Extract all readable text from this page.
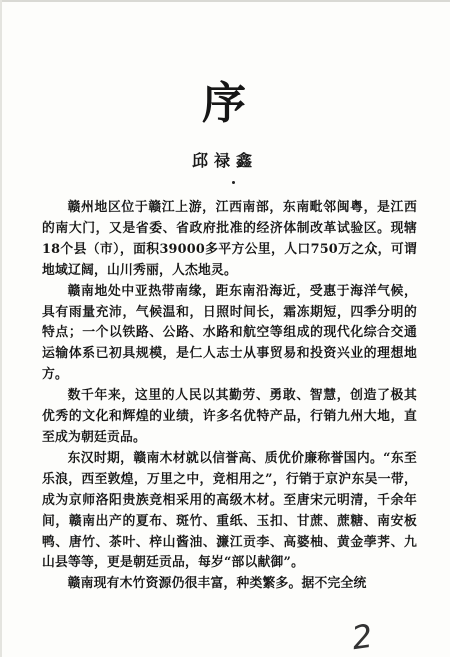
序
邱禄鑫

赣州地区位于赣江上游，江西南部，东南毗邻闽粤，是江西的南大门，又是省委、省政府批准的经济体制改革试验区。现辖18个县（市），面积39000多平方公里，人口750万之众，可谓地域辽阔，山川秀丽，人杰地灵。

赣南地处中亚热带南缘，距东南沿海近，受惠于海洋气候，具有雨量充沛，气候温和，日照时间长，霜冻期短，四季分明的特点；一个以铁路、公路、水路和航空等组成的现代化综合交通运输体系已初具规模，是仁人志士从事贸易和投资兴业的理想地方。

数千年来，这里的人民以其勤劳、勇敢、智慧，创造了极其优秀的文化和辉煌的业绩，许多名优特产品，行销九州大地，直至成为朝廷贡品。

东汉时期，赣南木材就以信誉高、质优价廉称誉国内。“东至乐浪，西至敦煌，万里之中，竞相用之”，行销于京沪东吴一带，成为京师洛阳贵族竞相采用的高级木材。至唐宋元明清，千余年间，赣南出产的夏布、斑竹、重纸、玉扣、甘蔗、蔗糖、南安板鸭、唐竹、茶叶、梓山酱油、濂江贡李、高婆柚、黄金荸荠、九山县等等，更是朝廷贡品，每岁“部以献御”。

赣南现有木竹资源仍很丰富，种类繁多。据不完全统

2
